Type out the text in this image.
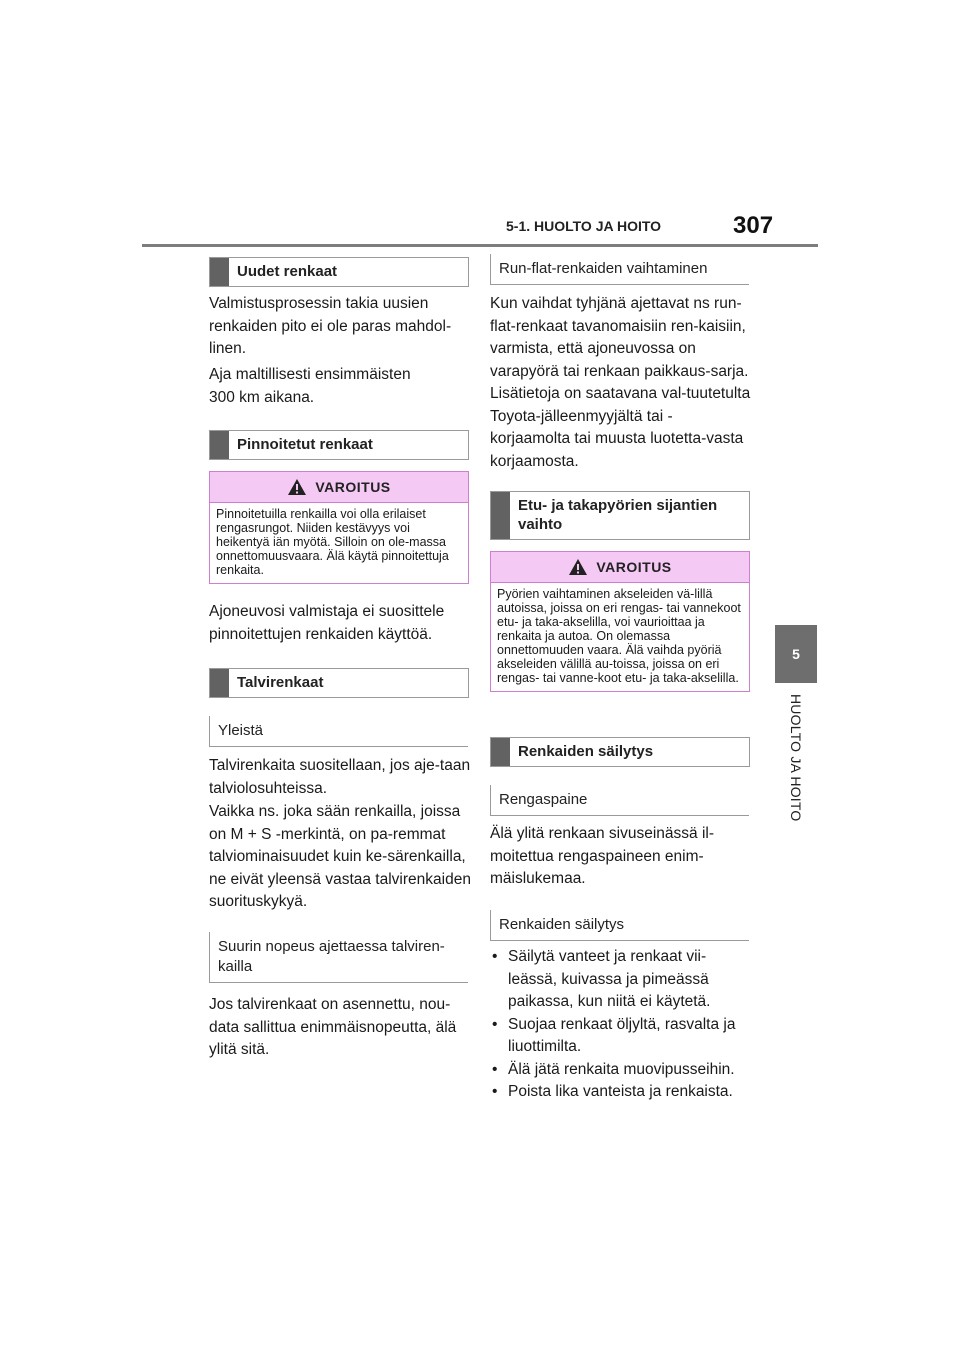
5-1. HUOLTO JA HOITO	307
5
HUOLTO JA HOITO
Uudet renkaat

Valmistusprosessin takia uusien renkaiden pito ei ole paras mahdol-linen.

Aja maltillisesti ensimmäisten 300 km aikana.

Pinnoitetut renkaat
VAROITUS
Pinnoitetuilla renkailla voi olla erilaiset rengasrungot. Niiden kestävyys voi heikentyä iän myötä. Silloin on ole-massa onnettomuusvaara. Älä käytä pinnoitettuja renkaita.

Ajoneuvosi valmistaja ei suosittele pinnoitettujen renkaiden käyttöä.

Talvirenkaat
Yleistä

Talvirenkaita suositellaan, jos aje-taan talviolosuhteissa.

Vaikka ns. joka sään renkailla, joissa on M + S -merkintä, on pa-remmat talviominaisuudet kuin ke-särenkailla, ne eivät yleensä vastaa talvirenkaiden suorituskykyä.

Suurin nopeus ajettaessa talviren-kailla

Jos talvirenkaat on asennettu, nou-data sallittua enimmäisnopeutta, älä ylitä sitä.

Run-flat-renkaiden vaihtaminen

Kun vaihdat tyhjänä ajettavat ns run-flat-renkaat tavanomaisiin ren-kaisiin, varmista, että ajoneuvossa on varapyörä tai renkaan paikkaus-sarja. Lisätietoja on saatavana val-tuutetulta Toyota-jälleenmyyjältä tai -korjaamolta tai muusta luotetta-vasta korjaamosta.

Etu- ja takapyörien sijantien vaihto
VAROITUS
Pyörien vaihtaminen akseleiden vä-lillä autoissa, joissa on eri rengas- tai vannekoot etu- ja taka-akselilla, voi vaurioittaa ja renkaita ja autoa. On olemassa onnettomuuden vaara. Älä vaihda pyöriä akseleiden välillä au-toissa, joissa on eri rengas- tai vanne-koot etu- ja taka-akselilla.
Renkaiden säilytys
Rengaspaine

Älä ylitä renkaan sivuseinässä il-moitettua rengaspaineen enim-mäislukemaa.

Renkaiden säilytys
• Säilytä vanteet ja renkaat vii-leässä, kuivassa ja pimeässä paikassa, kun niitä ei käytetä.
• Suojaa renkaat öljyltä, rasvalta ja liuottimilta.
• Älä jätä renkaita muovipusseihin.
• Poista lika vanteista ja renkaista.
